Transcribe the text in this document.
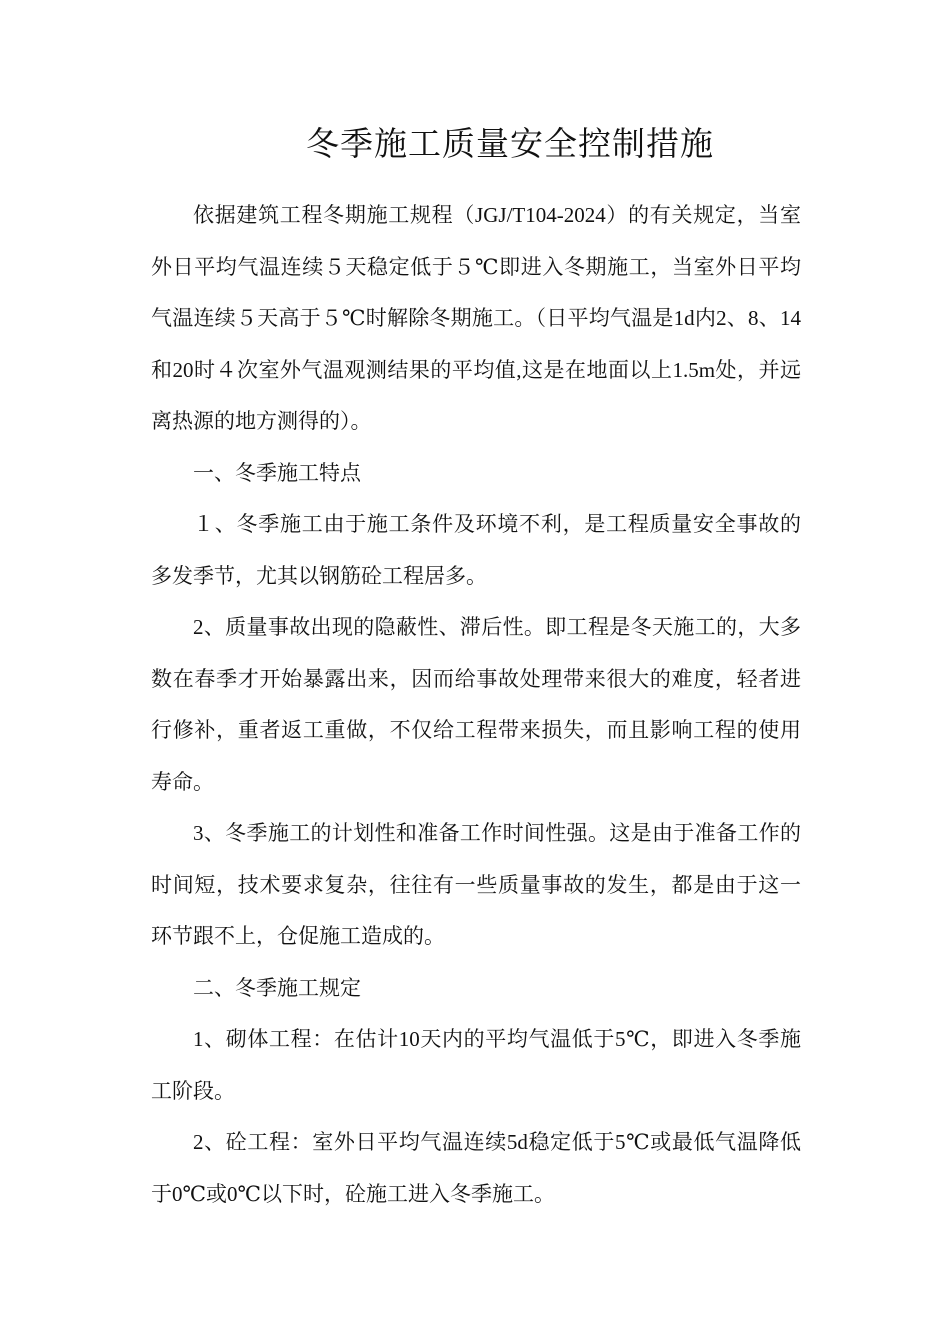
冬季施工质量安全控制措施

依据建筑工程冬期施工规程（JGJ/T104-2024）的有关规定，当室外日平均气温连续５天稳定低于５℃即进入冬期施工，当室外日平均气温连续５天高于５℃时解除冬期施工。（日平均气温是1d内2、8、14和20时４次室外气温观测结果的平均值,这是在地面以上1.5m处，并远离热源的地方测得的）。

一、冬季施工特点

１、冬季施工由于施工条件及环境不利，是工程质量安全事故的多发季节，尤其以钢筋砼工程居多。

2、质量事故出现的隐蔽性、滞后性。即工程是冬天施工的，大多数在春季才开始暴露出来，因而给事故处理带来很大的难度，轻者进行修补，重者返工重做，不仅给工程带来损失，而且影响工程的使用寿命。

3、冬季施工的计划性和准备工作时间性强。这是由于准备工作的时间短，技术要求复杂，往往有一些质量事故的发生，都是由于这一环节跟不上，仓促施工造成的。

二、冬季施工规定

1、砌体工程：在估计10天内的平均气温低于5℃，即进入冬季施工阶段。

2、砼工程：室外日平均气温连续5d稳定低于5℃或最低气温降低于0℃或0℃以下时，砼施工进入冬季施工。
